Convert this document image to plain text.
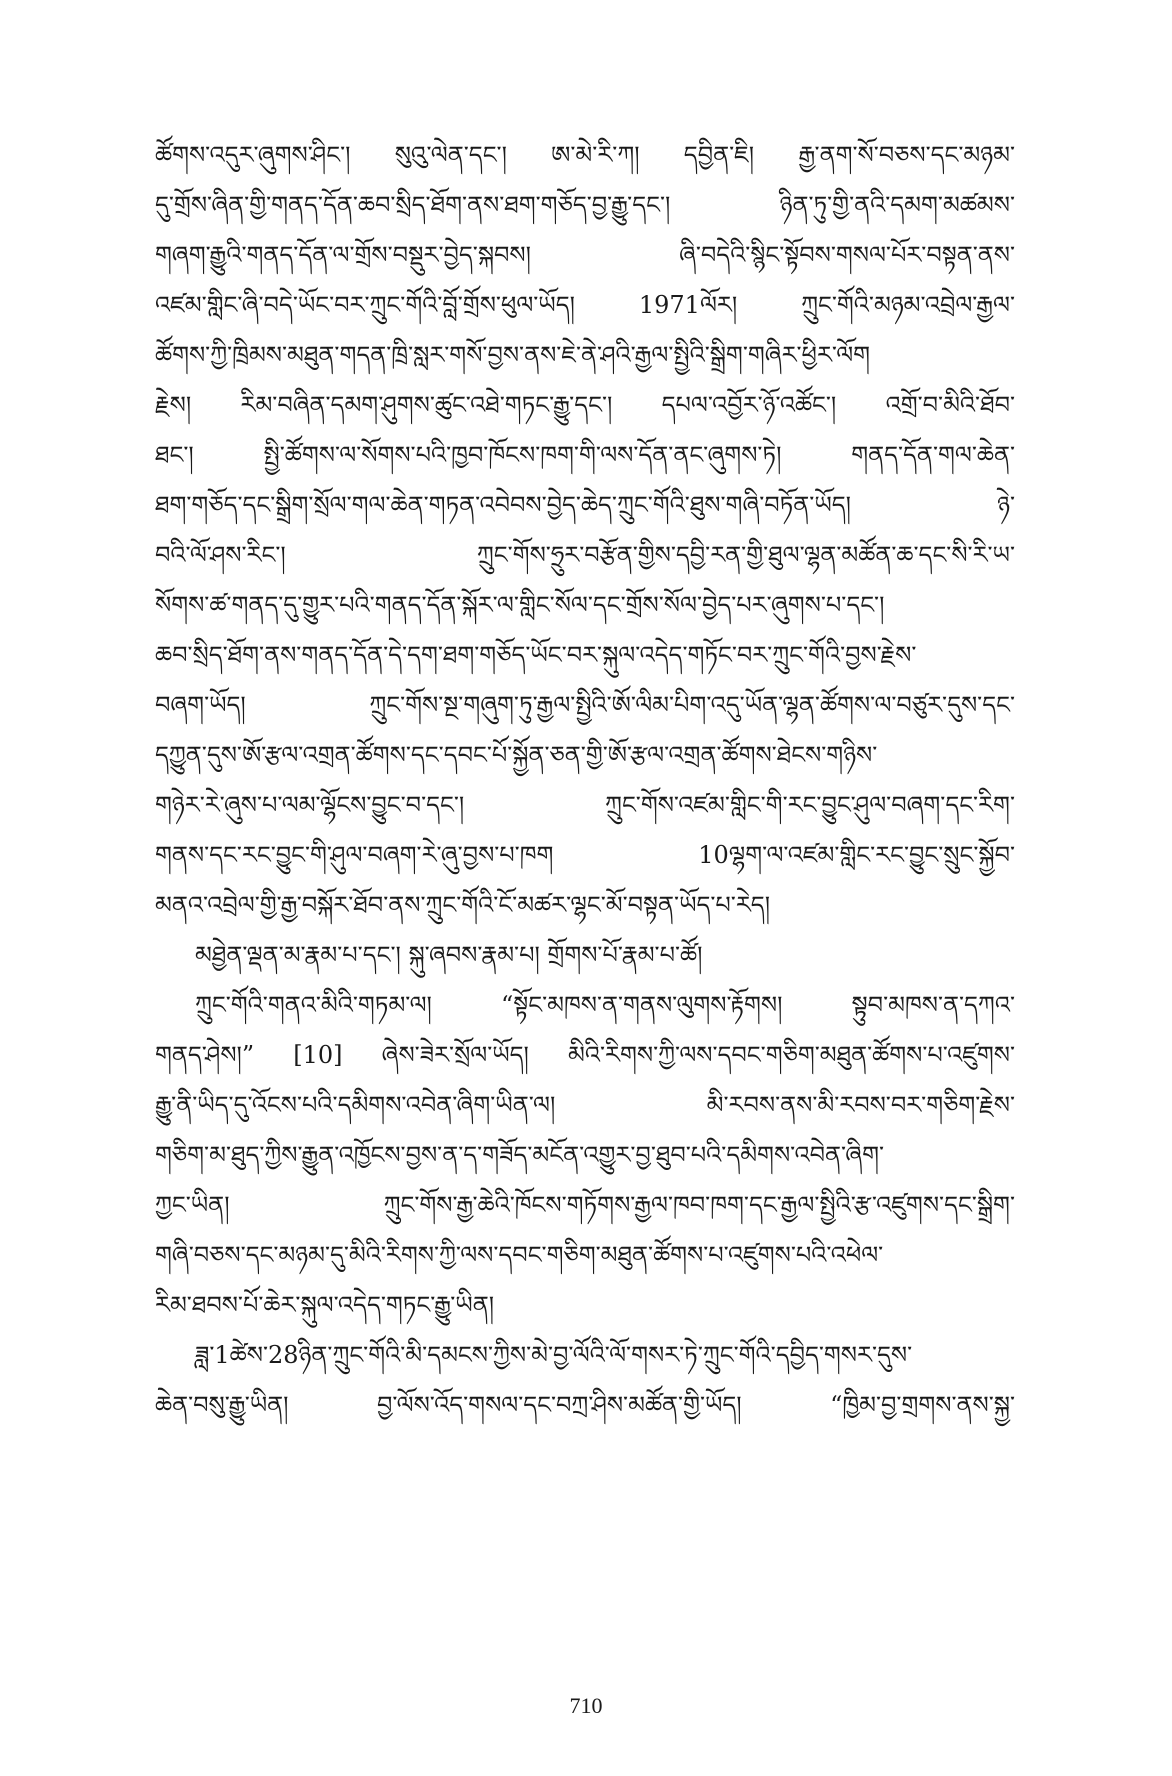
ཚོགས་འདུར་ཞུགས་ཤིང་། སུའུ་ལེན་དང་། ཨ་མེ་རི་ཀ། དབྱིན་ཇི། རྒྱ་ནག་སོ་བཅས་དང་མཉམ་
དུ་གྲོས་ཞིན་གྱི་གནད་དོན་ཆབ་སྲིད་ཐོག་ནས་ཐག་གཅོད་བྱ་རྒྱུ་དང་། ཉིན་ཏུ་གྱི་ནའི་དམག་མཚམས་
གཞག་རྒྱུའི་གནད་དོན་ལ་གྲོས་བསྡུར་བྱེད་སྐབས། ཞི་བདེའི་སྙིང་སྟོབས་གསལ་པོར་བསྟན་ནས་
འཛམ་གླིང་ཞི་བདེ་ཡོང་བར་ཀྲུང་གོའི་བློ་གྲོས་ཕུལ་ཡོད། 1971ལོར། ཀྲུང་གོའི་མཉམ་འབྲེལ་རྒྱལ་
ཚོགས་ཀྱི་ཁྲིམས་མཐུན་གདན་ཁྲི་སླར་གསོ་བྱས་ནས་ཇེ་ནེ་ཤའི་རྒྱལ་སྤྱིའི་སྒྲིག་གཞིར་ཕྱིར་ལོག
རྗེས། རིམ་བཞིན་དམག་ཤུགས་ཚུང་འཐེ་གཏང་རྒྱུ་དང་། དཔལ་འབྱོར་ཉོ་འཚོང་། འགྲོ་བ་མིའི་ཐོབ་
ཐང་། སྤྱི་ཚོགས་ལ་སོགས་པའི་ཁྱབ་ཁོངས་ཁག་གི་ལས་དོན་ནང་ཞུགས་ཏེ། གནད་དོན་གལ་ཆེན་
ཐག་གཅོད་དང་སྒྲིག་སྲོལ་གལ་ཆེན་གཏན་འབེབས་བྱེད་ཆེད་ཀྲུང་གོའི་ཐུས་གཞི་བཏོན་ཡོད། ཉེ་
བའི་ལོ་ཤས་རིང་། ཀྲུང་གོས་ཧྲུར་བརྩོན་གྱིས་དབྱི་རན་གྱི་ཐུལ་ལྷན་མཚོན་ཆ་དང་སི་རི་ཡ་
སོགས་ཚ་གནད་དུ་གྱུར་པའི་གནད་དོན་སྐོར་ལ་གླིང་སོལ་དང་གྲོས་སོལ་བྱེད་པར་ཞུགས་པ་དང་།
ཆབ་སྲིད་ཐོག་ནས་གནད་དོན་དེ་དག་ཐག་གཅོད་ཡོང་བར་སྐུལ་འདེད་གཏོང་བར་ཀྲུང་གོའི་བྱས་རྗེས་
བཞག་ཡོད། ཀྲུང་གོས་སྔ་གཞུག་ཏུ་རྒྱལ་སྤྱིའི་ཨོ་ལིམ་པིག་འདུ་ཡོན་ལྷན་ཚོགས་ལ་བཙུར་དུས་དང་
དཀྱུན་དུས་ཨོ་རྩལ་འགྲན་ཚོགས་དང་དབང་པོ་སྐྱོན་ཅན་གྱི་ཨོ་རྩལ་འགྲན་ཚོགས་ཐེངས་གཉིས་
གཉེར་རེ་ཞུས་པ་ལམ་ལྷོངས་བྱུང་བ་དང་། ཀྲུང་གོས་འཛམ་གླིང་གི་རང་བྱུང་ཤུལ་བཞག་དང་རིག་
གནས་དང་རང་བྱུང་གི་ཤུལ་བཞག་རེ་ཞུ་བྱས་པ་ཁག 10ལྷག་ལ་འཛམ་གླིང་རང་བྱུང་སྲུང་སྐྱོབ་
མནའ་འབྲེལ་གྱི་རྒྱ་བསྐོར་ཐོབ་ནས་ཀྲུང་གོའི་ངོ་མཚར་ལྷང་མོ་བསྟན་ཡོད་པ་རེད།
མཐྱེན་ལྡན་མ་རྣམ་པ་དང་། སྐུ་ཞབས་རྣམ་པ། གྲོགས་པོ་རྣམ་པ་ཚོ།
ཀྲུང་གོའི་གནའ་མིའི་གཏམ་ལ། “སྟོང་མཁས་ན་གནས་ལུགས་རྟོགས། སྟུབ་མཁས་ན་དཀའ་
གནད་ཤེས།” [10] ཞེས་ཟེར་སྲོལ་ཡོད། མིའི་རིགས་ཀྱི་ལས་དབང་གཅིག་མཐུན་ཚོགས་པ་འཛུགས་
རྒྱུ་ནི་ཡིད་དུ་འོངས་པའི་དམིགས་འབེན་ཞིག་ཡིན་ལ། མི་རབས་ནས་མི་རབས་བར་གཅིག་རྗེས་
གཅིག་མ་ཐུད་ཀྱིས་རྒྱུན་འཁྱོངས་བྱས་ན་ད་གཟོད་མངོན་འགྱུར་བྱ་ཐུབ་པའི་དམིགས་འབེན་ཞིག་
ཀྱང་ཡིན། ཀྲུང་གོས་རྒྱ་ཆེའི་ཁོངས་གཏོགས་རྒྱལ་ཁབ་ཁག་དང་རྒྱལ་སྤྱིའི་རྩ་འཛུགས་དང་སྒྲིག་
གཞི་བཅས་དང་མཉམ་དུ་མིའི་རིགས་ཀྱི་ལས་དབང་གཅིག་མཐུན་ཚོགས་པ་འཛུགས་པའི་འཕེལ་
རིམ་ཐབས་པོ་ཆེར་སྐུལ་འདེད་གཏང་རྒྱུ་ཡིན།
ཟླ་1ཚེས་28ཉིན་ཀྲུང་གོའི་མི་དམངས་ཀྱིས་མེ་བྱ་ལོའི་ལོ་གསར་ཏེ་ཀྲུང་གོའི་དབྱིད་གསར་དུས་
ཆེན་བསུ་རྒྱུ་ཡིན། བྱ་ལོས་འོད་གསལ་དང་བཀྲ་ཤིས་མཚོན་གྱི་ཡོད། “ཁྱིམ་བྱ་གྲགས་ནས་སྐྱ་
710
